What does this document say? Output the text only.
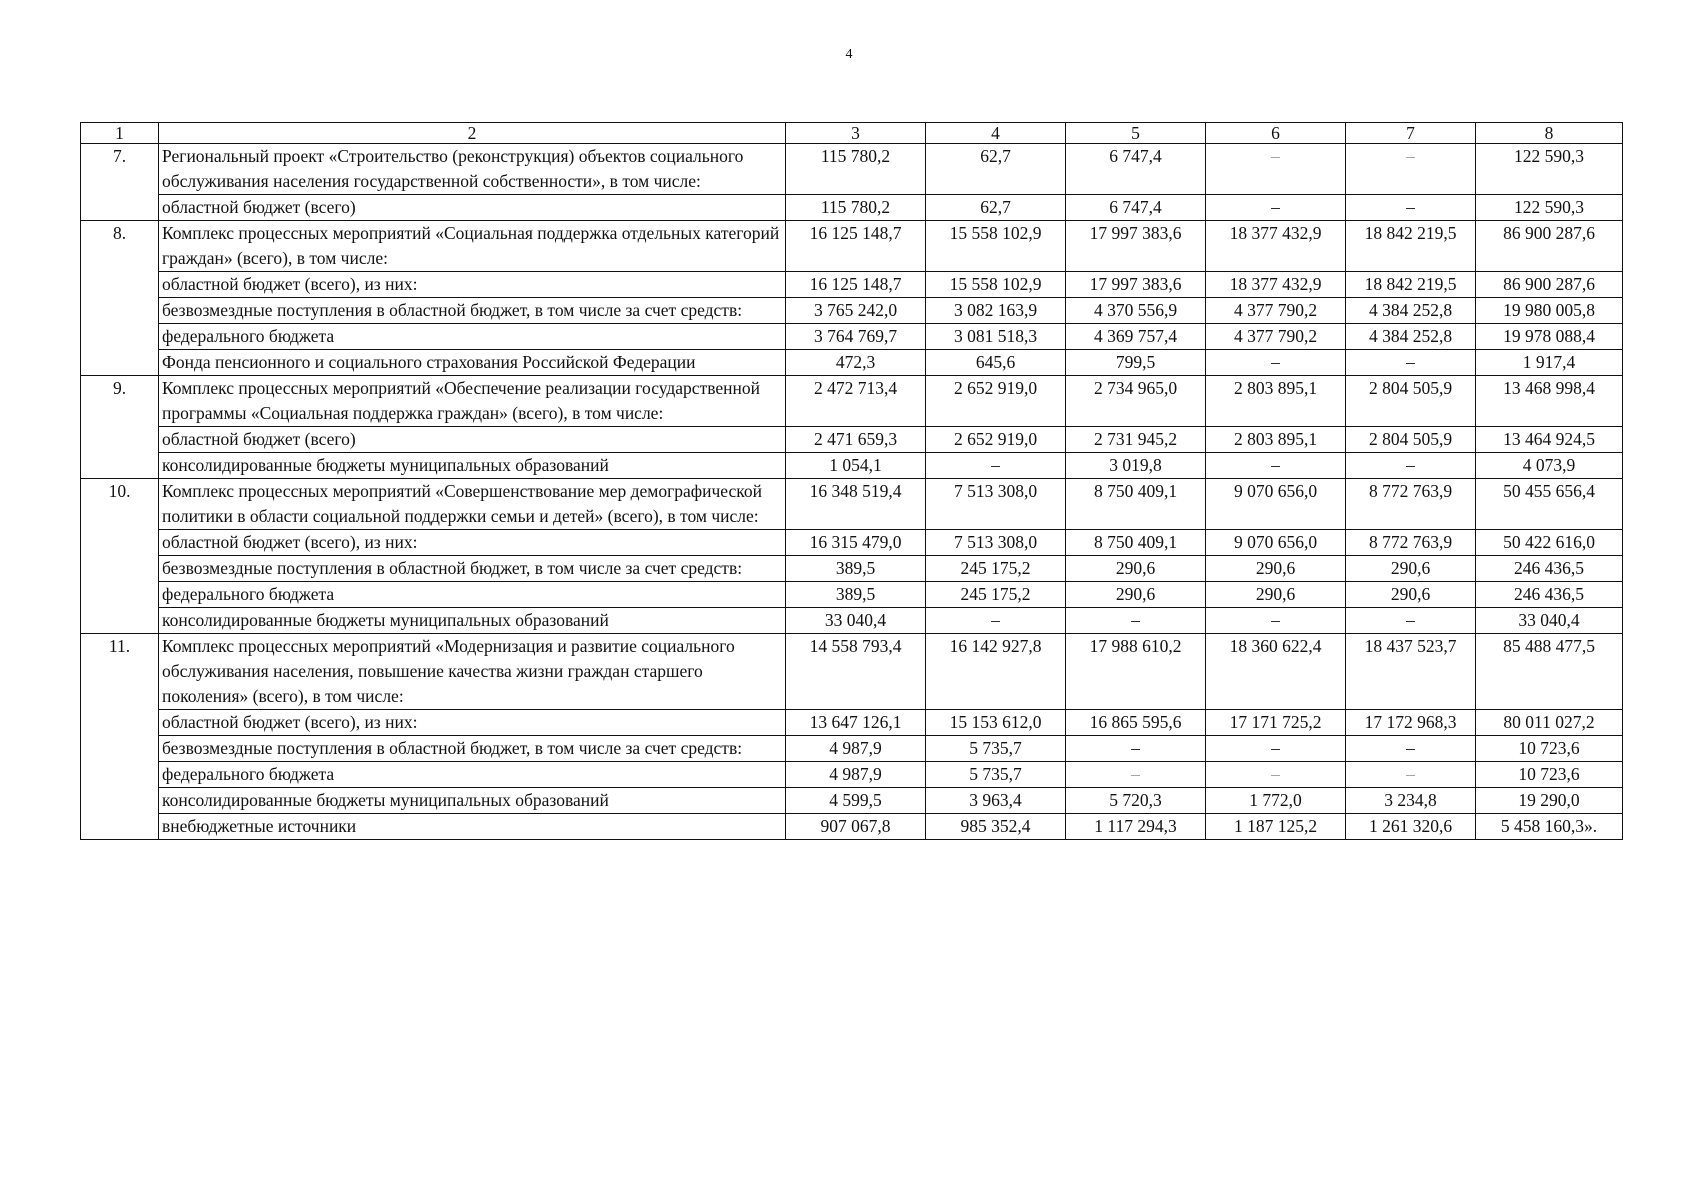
4
1	2	3	4	5	6	7	8
7.	Региональный проект «Строительство (реконструкция) объектов социального обслуживания населения государственной собственности», в том числе:	115 780,2	62,7	6 747,4	–	–	122 590,3
	областной бюджет (всего)	115 780,2	62,7	6 747,4	–	–	122 590,3
8.	Комплекс процессных мероприятий «Социальная поддержка отдельных категорий граждан» (всего), в том числе:	16 125 148,7	15 558 102,9	17 997 383,6	18 377 432,9	18 842 219,5	86 900 287,6
	областной бюджет (всего), из них:	16 125 148,7	15 558 102,9	17 997 383,6	18 377 432,9	18 842 219,5	86 900 287,6
	безвозмездные поступления в областной бюджет, в том числе за счет средств:	3 765 242,0	3 082 163,9	4 370 556,9	4 377 790,2	4 384 252,8	19 980 005,8
	федерального бюджета	3 764 769,7	3 081 518,3	4 369 757,4	4 377 790,2	4 384 252,8	19 978 088,4
	Фонда пенсионного и социального страхования Российской Федерации	472,3	645,6	799,5	–	–	1 917,4
9.	Комплекс процессных мероприятий «Обеспечение реализации государственной программы «Социальная поддержка граждан» (всего), в том числе:	2 472 713,4	2 652 919,0	2 734 965,0	2 803 895,1	2 804 505,9	13 468 998,4
	областной бюджет (всего)	2 471 659,3	2 652 919,0	2 731 945,2	2 803 895,1	2 804 505,9	13 464 924,5
	консолидированные бюджеты муниципальных образований	1 054,1	–	3 019,8	–	–	4 073,9
10.	Комплекс процессных мероприятий «Совершенствование мер демографической политики в области социальной поддержки семьи и детей» (всего), в том числе:	16 348 519,4	7 513 308,0	8 750 409,1	9 070 656,0	8 772 763,9	50 455 656,4
	областной бюджет (всего), из них:	16 315 479,0	7 513 308,0	8 750 409,1	9 070 656,0	8 772 763,9	50 422 616,0
	безвозмездные поступления в областной бюджет, в том числе за счет средств:	389,5	245 175,2	290,6	290,6	290,6	246 436,5
	федерального бюджета	389,5	245 175,2	290,6	290,6	290,6	246 436,5
	консолидированные бюджеты муниципальных образований	33 040,4	–	–	–	–	33 040,4
11.	Комплекс процессных мероприятий «Модернизация и развитие социального обслуживания населения, повышение качества жизни граждан старшего поколения» (всего), в том числе:	14 558 793,4	16 142 927,8	17 988 610,2	18 360 622,4	18 437 523,7	85 488 477,5
	областной бюджет (всего), из них:	13 647 126,1	15 153 612,0	16 865 595,6	17 171 725,2	17 172 968,3	80 011 027,2
	безвозмездные поступления в областной бюджет, в том числе за счет средств:	4 987,9	5 735,7	–	–	–	10 723,6
	федерального бюджета	4 987,9	5 735,7	–	–	–	10 723,6
	консолидированные бюджеты муниципальных образований	4 599,5	3 963,4	5 720,3	1 772,0	3 234,8	19 290,0
	внебюджетные источники	907 067,8	985 352,4	1 117 294,3	1 187 125,2	1 261 320,6	5 458 160,3».
